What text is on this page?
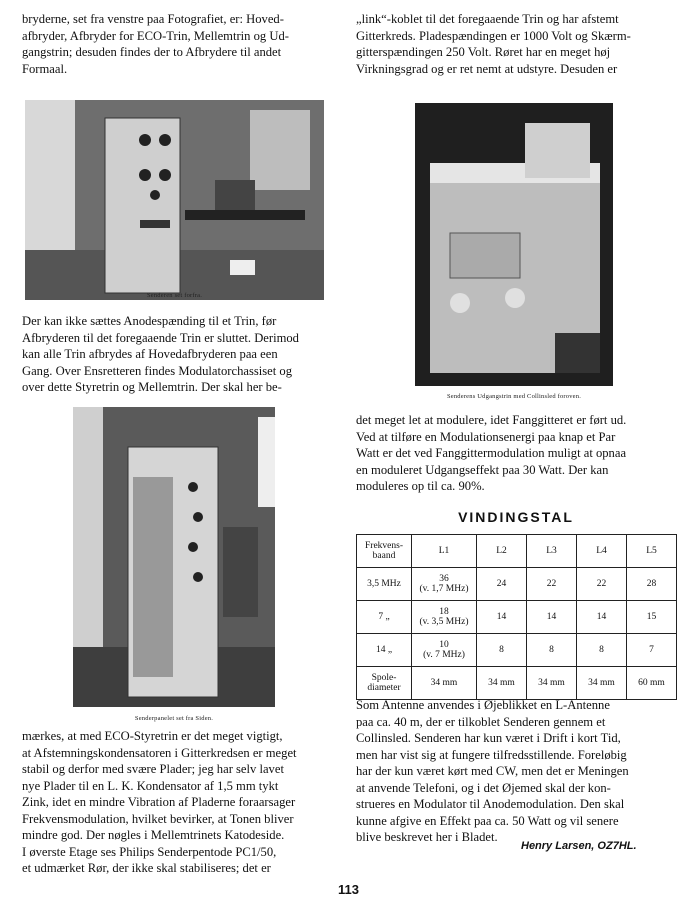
bryderne, set fra venstre paa Fotografiet, er: Hoved-
afbryder, Afbryder for ECO-Trin, Mellemtrin og Ud-
gangstrin; desuden findes der to Afbrydere til andet
Formaal.
Senderen set forfra.
Der kan ikke sættes Anodespænding til et Trin, før
Afbryderen til det foregaaende Trin er sluttet. Derimod
kan alle Trin afbrydes af Hovedafbryderen paa een
Gang. Over Ensretteren findes Modulatorchassiset og
over dette Styretrin og Mellemtrin. Der skal her be-
Senderpanelet set fra Siden.
mærkes, at med ECO-Styretrin er det meget vigtigt,
at Afstemningskondensatoren i Gitterkredsen er meget
stabil og derfor med svære Plader; jeg har selv lavet
nye Plader til en L. K. Kondensator af 1,5 mm tykt
Zink, idet en mindre Vibration af Pladerne foraarsager
Frekvensmodulation, hvilket bevirker, at Tonen bliver
mindre god. Der nøgles i Mellemtrinets Katodeside.
I øverste Etage ses Philips Senderpentode PC1/50,
et udmærket Rør, der ikke skal stabiliseres; det er
„link“-koblet til det foregaaende Trin og har afstemt
Gitterkreds. Pladespændingen er 1000 Volt og Skærm-
gitterspændingen 250 Volt. Røret har en meget høj
Virkningsgrad og er ret nemt at udstyre. Desuden er
Senderens Udgangstrin med Collinsled foroven.
det meget let at modulere, idet Fanggitteret er ført ud.
Ved at tilføre en Modulationsenergi paa knap et Par
Watt er det ved Fanggittermodulation muligt at opnaa
en moduleret Udgangseffekt paa 30 Watt. Der kan
moduleres op til ca. 90%.
VINDINGSTAL
Frekvens-
baand	L1	L2	L3	L4	L5
3,5 MHz	36
(v. 1,7 MHz)	24	22	22	28
7 „	18
(v. 3,5 MHz)	14	14	14	15
14 „	10
(v. 7 MHz)	8	8	8	7
Spole-
diameter	34 mm	34 mm	34 mm	34 mm	60 mm
Som Antenne anvendes i Øjeblikket en L-Antenne
paa ca. 40 m, der er tilkoblet Senderen gennem et
Collinsled. Senderen har kun været i Drift i kort Tid,
men har vist sig at fungere tilfredsstillende. Foreløbig
har der kun været kørt med CW, men det er Meningen
at anvende Telefoni, og i det Øjemed skal der kon-
strueres en Modulator til Anodemodulation. Den skal
kunne afgive en Effekt paa ca. 50 Watt og vil senere
blive beskrevet her i Bladet.
Henry Larsen, OZ7HL.
113
